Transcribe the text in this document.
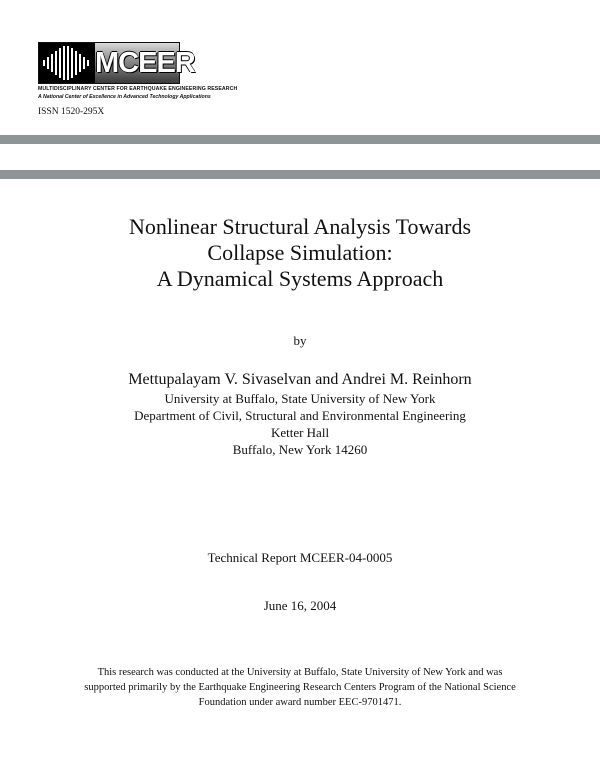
MCEER
MULTIDISCIPLINARY CENTER FOR EARTHQUAKE ENGINEERING RESEARCH
A National Center of Excellence in Advanced Technology Applications
ISSN 1520-295X
Nonlinear Structural Analysis Towards
Collapse Simulation:
A Dynamical Systems Approach
by
Mettupalayam V. Sivaselvan and Andrei M. Reinhorn
University at Buffalo, State University of New York
Department of Civil, Structural and Environmental Engineering
Ketter Hall
Buffalo, New York 14260
Technical Report MCEER-04-0005
June 16, 2004
This research was conducted at the University at Buffalo, State University of New York and was
supported primarily by the Earthquake Engineering Research Centers Program of the National Science
Foundation under award number EEC-9701471.
